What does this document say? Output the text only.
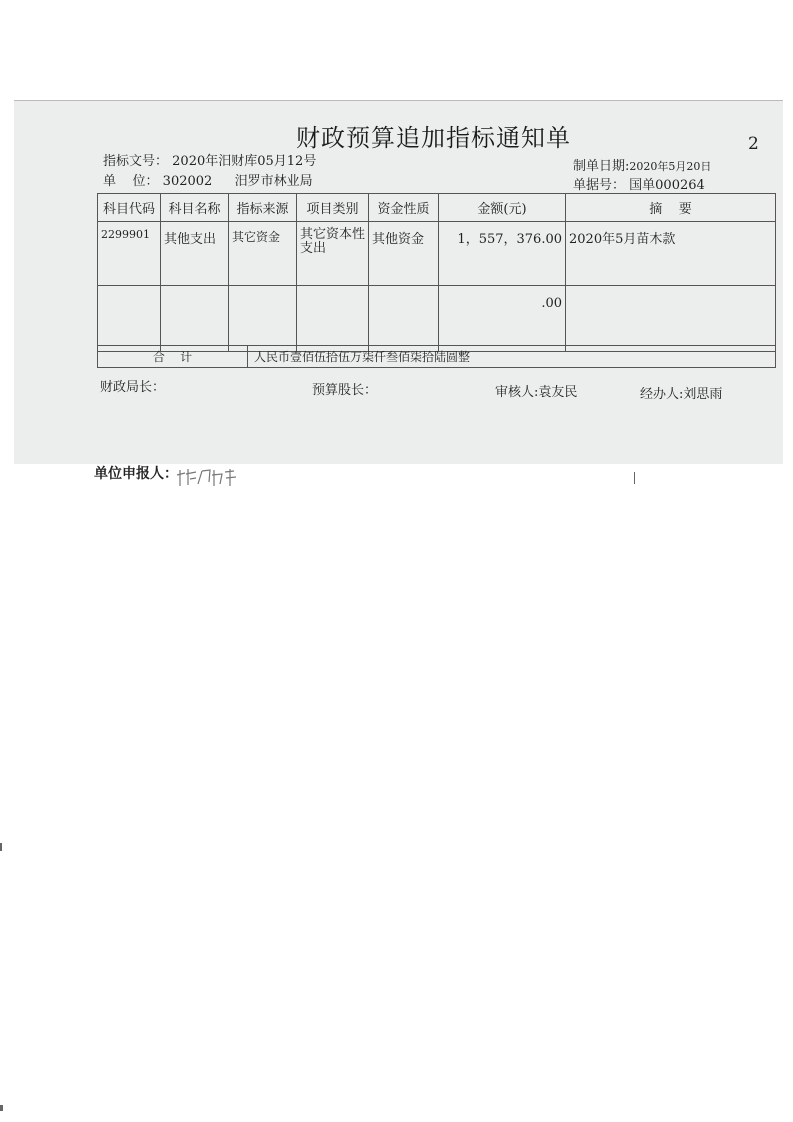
财政预算追加指标通知单	2
指标文号： 2020年汨财库05月12号
单    位： 302002 汨罗市林业局
制单日期:2020年5月20日
单据号： 国单000264
科目代码	科目名称	指标来源	项目类别	资金性质	金额(元)	摘    要
2299901	其他支出	其它资金	其它资本性支出	其他资金	1，557，376.00	2020年5月苗木款
					.00	
合    计	人民币壹佰伍拾伍万柒仟叁佰柒拾陆圆整
财政局长：	预算股长：	审核人:袁友民	经办人:刘思雨
单位申报人：
